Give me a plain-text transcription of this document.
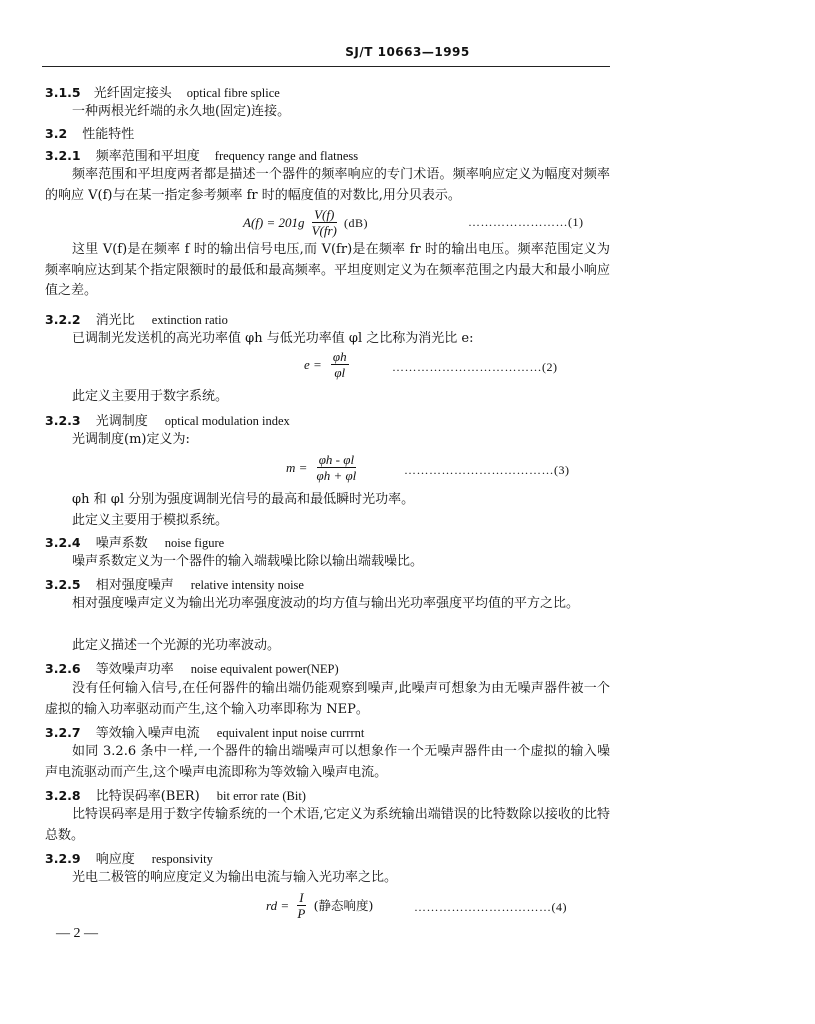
SJ/T 10663—1995
3.1.5 光纤固定接头 optical fibre splice
一种两根光纤端的永久地(固定)连接。
3.2 性能特性
3.2.1 频率范围和平坦度 frequency range and flatness
频率范围和平坦度两者都是描述一个器件的频率响应的专门术语。频率响应定义为幅度对频率的响应 V(f)与在某一指定参考频率 fr 时的幅度值的对数比,用分贝表示。
$A(f) = 201g \frac{V(f)}{V(fr)} (dB)$	……………………(1)
这里 V(f)是在频率 f 时的输出信号电压,而 V(fr)是在频率 fr 时的输出电压。频率范围定义为频率响应达到某个指定限额时的最低和最高频率。平坦度则定义为在频率范围之内最大和最小响应值之差。
3.2.2 消光比 extinction ratio
已调制光发送机的高光功率值 φh 与低光功率值 φl 之比称为消光比 e:
$e = \frac{\varphi h}{\varphi l}$	………………………………(2)
此定义主要用于数字系统。
3.2.3 光调制度 optical modulation index
光调制度(m)定义为:
$m = \frac{\varphi h - \varphi l}{\varphi h + \varphi l}$	………………………………(3)
φh 和 φl 分别为强度调制光信号的最高和最低瞬时光功率。
此定义主要用于模拟系统。
3.2.4 噪声系数 noise figure
噪声系数定义为一个器件的输入端载噪比除以输出端载噪比。
3.2.5 相对强度噪声 relative intensity noise
相对强度噪声定义为输出光功率强度波动的均方值与输出光功率强度平均值的平方之比。
此定义描述一个光源的光功率波动。
3.2.6 等效噪声功率 noise equivalent power(NEP)
没有任何输入信号,在任何器件的输出端仍能观察到噪声,此噪声可想象为由无噪声器件被一个虚拟的输入功率驱动而产生,这个输入功率即称为 NEP。
3.2.7 等效输入噪声电流 equivalent input noise currrnt
如同 3.2.6 条中一样,一个器件的输出端噪声可以想象作一个无噪声器件由一个虚拟的输入噪声电流驱动而产生,这个噪声电流即称为等效输入噪声电流。
3.2.8 比特误码率(BER) bit error rate (Bit)
比特误码率是用于数字传输系统的一个术语,它定义为系统输出端错误的比特数除以接收的比特总数。
3.2.9 响应度 responsivity
光电二极管的响应度定义为输出电流与输入光功率之比。
rd = $\frac{I}{P}$ (静态响度)	……………………………(4)
— 2 —
